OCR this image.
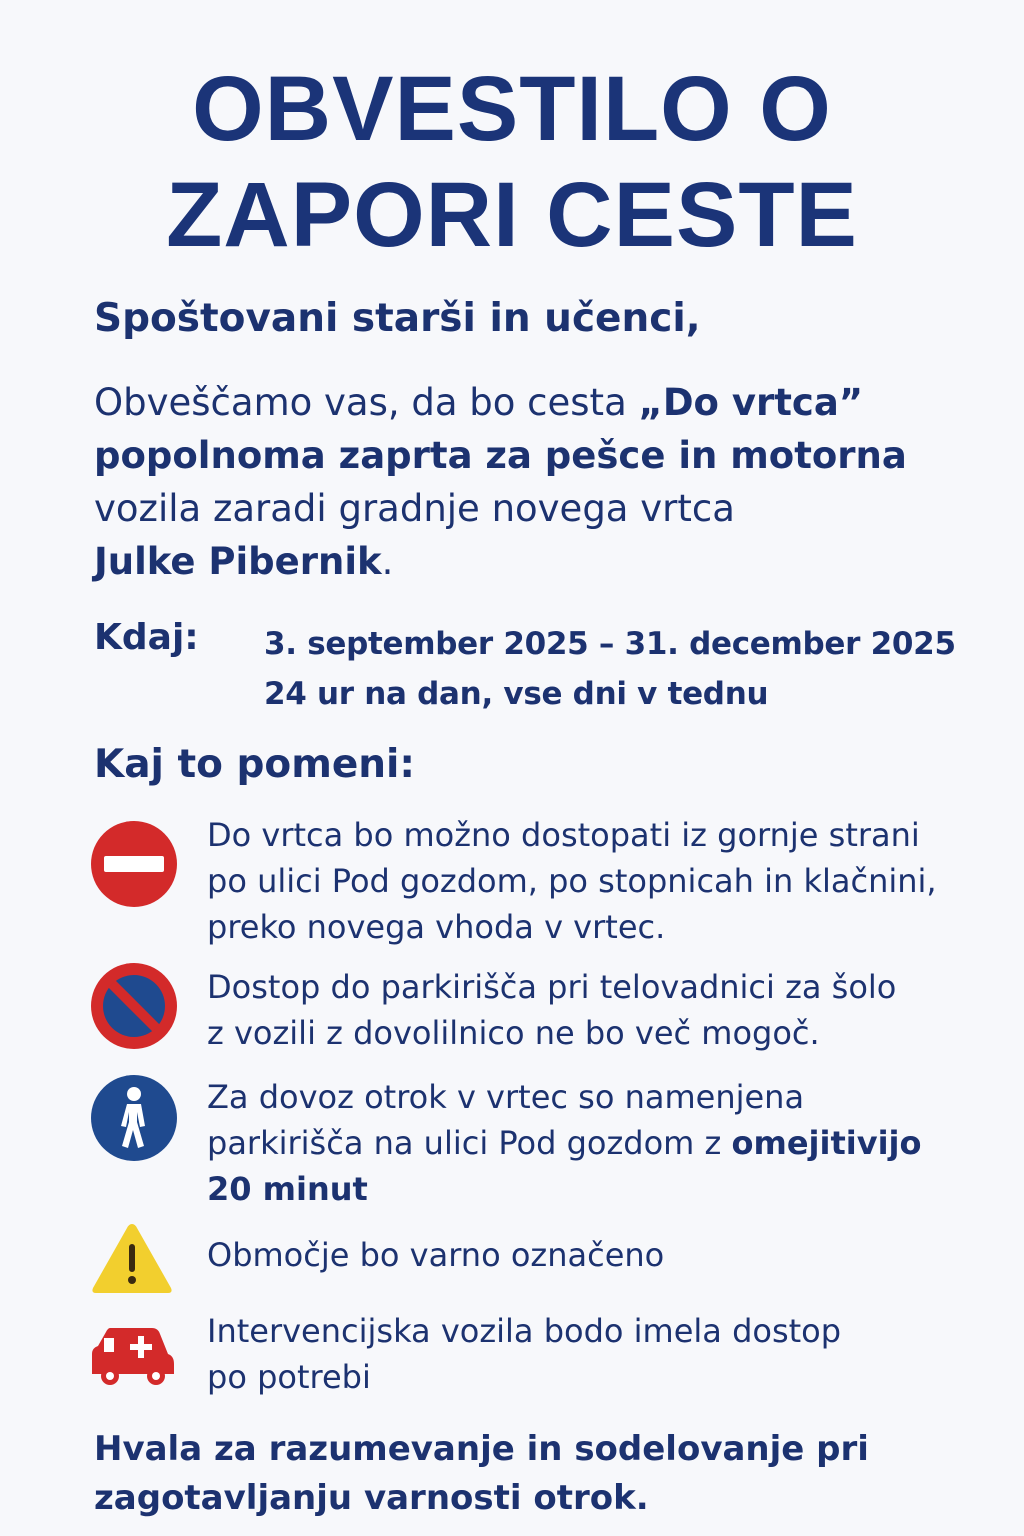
OBVESTILO O
ZAPORI CESTE
Spoštovani starši in učenci,
Obveščamo vas, da bo cesta „Do vrtca”
popolnoma zaprta za pešce in motorna
vozila zaradi gradnje novega vrtca
Julke Pibernik.
Kdaj: 3. september 2025 – 31. december 2025
24 ur na dan, vse dni v tednu
Kaj to pomeni:
Do vrtca bo možno dostopati iz gornje strani
po ulici Pod gozdom, po stopnicah in klačnini,
preko novega vhoda v vrtec.
Dostop do parkirišča pri telovadnici za šolo
z vozili z dovolilnico ne bo več mogoč.
Za dovoz otrok v vrtec so namenjena
parkirišča na ulici Pod gozdom z omejitivijo
20 minut
Območje bo varno označeno
Intervencijska vozila bodo imela dostop
po potrebi
Hvala za razumevanje in sodelovanje pri
zagotavljanju varnosti otrok.
